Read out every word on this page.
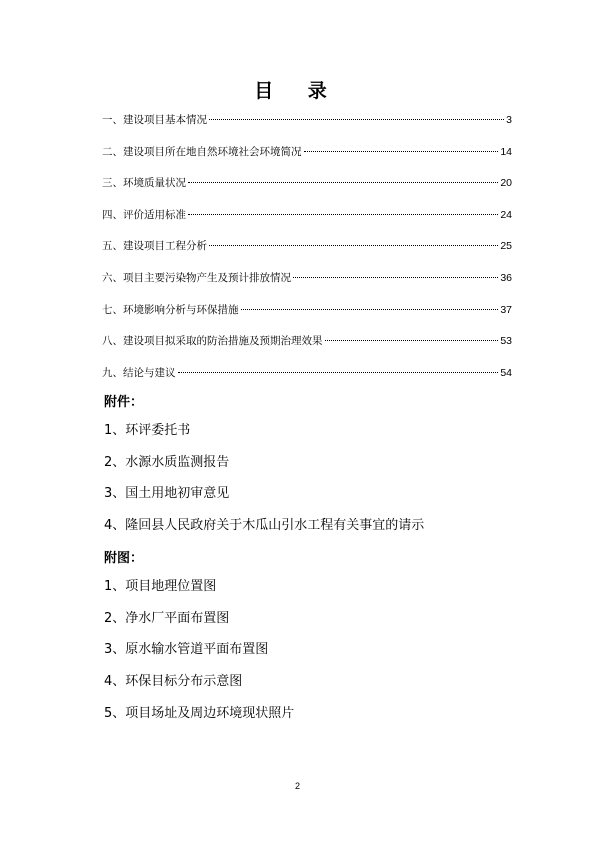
目 录
一、建设项目基本情况	3
二、建设项目所在地自然环境社会环境简况	14
三、环境质量状况	20
四、评价适用标准	24
五、建设项目工程分析	25
六、项目主要污染物产生及预计排放情况	36
七、环境影响分析与环保措施	37
八、建设项目拟采取的防治措施及预期治理效果	53
九、结论与建议	54
附件：
1、环评委托书
2、水源水质监测报告
3、国土用地初审意见
4、隆回县人民政府关于木瓜山引水工程有关事宜的请示
附图：
1、项目地理位置图
2、净水厂平面布置图
3、原水输水管道平面布置图
4、环保目标分布示意图
5、项目场址及周边环境现状照片
2
